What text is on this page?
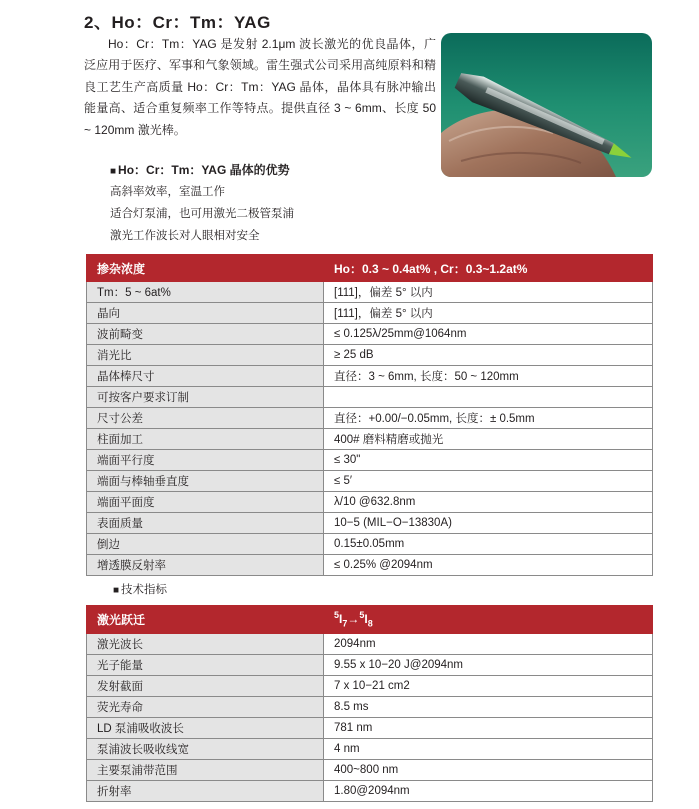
2、Ho：Cr：Tm：YAG
Ho：Cr：Tm：YAG 是发射 2.1μm 波长激光的优良晶体，广泛应用于医疗、军事和气象领域。雷生强式公司采用高纯原料和精良工艺生产高质量 Ho：Cr：Tm：YAG 晶体，晶体具有脉冲输出能量高、适合重复频率工作等特点。提供直径 3 ~ 6mm、长度 50 ~ 120mm 激光棒。
■ Ho：Cr：Tm：YAG 晶体的优势
高斜率效率，室温工作
适合灯泵浦，也可用激光二极管泵浦
激光工作波长对人眼相对安全
掺杂浓度	Ho：0.3 ~ 0.4at% , Cr：0.3~1.2at%
Tm：5 ~ 6at%	[111]，偏差 5° 以内
晶向	[111]，偏差 5° 以内
波前畸变	≤ 0.125λ/25mm@1064nm
消光比	≥ 25 dB
晶体棒尺寸	直径：3 ~ 6mm, 长度：50 ~ 120mm
可按客户要求订制	
尺寸公差	直径：+0.00/−0.05mm, 长度：± 0.5mm
柱面加工	400# 磨料精磨或抛光
端面平行度	≤ 30"
端面与棒轴垂直度	≤ 5′
端面平面度	λ/10 @632.8nm
表面质量	10−5 (MIL−O−13830A)
倒边	0.15±0.05mm
增透膜反射率	≤ 0.25% @2094nm
■ 技术指标
激光跃迁	$^5I_7\to^5I_8$
激光波长	2094nm
光子能量	9.55 x 10−20 J@2094nm
发射截面	7 x 10−21 cm2
荧光寿命	8.5 ms
LD 泵浦吸收波长	781 nm
泵浦波长吸收线宽	4 nm
主要泵浦带范围	400~800 nm
折射率	1.80@2094nm
